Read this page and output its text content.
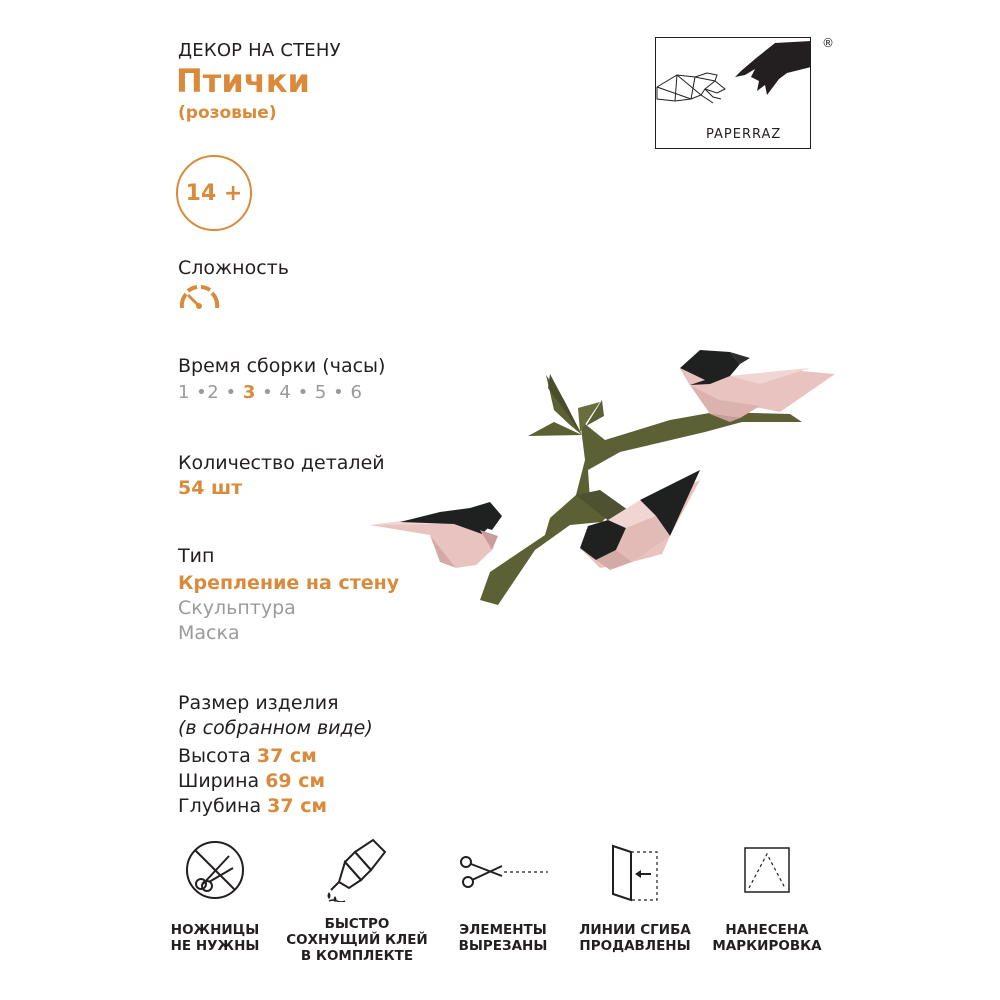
ДЕКОР НА СТЕНУ
Птички
(розовые)
14 +
Сложность
Время сборки (часы)
1 •2 • 3 • 4 • 5 • 6
Количество деталей
54 шт
Тип
Крепление на стену
Скульптура
Маска
Размер изделия
(в собранном виде)
Высота 37 см
Ширина 69 см
Глубина 37 см
PAPERRAZ
®
НОЖНИЦЫ
НЕ НУЖНЫ
БЫСТРО
СОХНУЩИЙ КЛЕЙ
В КОМПЛЕКТЕ
ЭЛЕМЕНТЫ
ВЫРЕЗАНЫ
ЛИНИИ СГИБА
ПРОДАВЛЕНЫ
НАНЕСЕНА
МАРКИРОВКА
